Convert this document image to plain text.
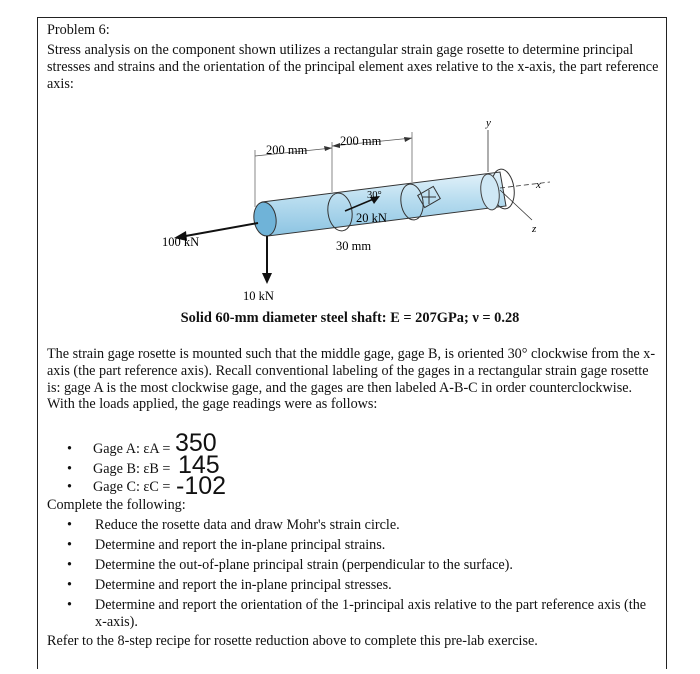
Problem 6:
Stress analysis on the component shown utilizes a rectangular strain gage rosette to determine principal stresses and strains and the orientation of the principal element axes relative to the x-axis, the part reference axis:
200 mm
200 mm
30°
20 kN
100 kN	30 mm
10 kN
y
x
z
Solid 60-mm diameter steel shaft: E = 207GPa; ν = 0.28
The strain gage rosette is mounted such that the middle gage, gage B, is oriented 30° clockwise from the x-axis (the part reference axis). Recall conventional labeling of the gages in a rectangular strain gage rosette is: gage A is the most clockwise gage, and the gages are then labeled A-B-C in order counterclockwise. With the loads applied, the gage readings were as follows:
• Gage A: εA = 350
• Gage B: εB = 145
• Gage C: εC = -102
Complete the following:
•	Reduce the rosette data and draw Mohr's strain circle.
•	Determine and report the in-plane principal strains.
•	Determine the out-of-plane principal strain (perpendicular to the surface).
•	Determine and report the in-plane principal stresses.
•	Determine and report the orientation of the 1-principal axis relative to the part reference axis (the x-axis).
Refer to the 8-step recipe for rosette reduction above to complete this pre-lab exercise.
